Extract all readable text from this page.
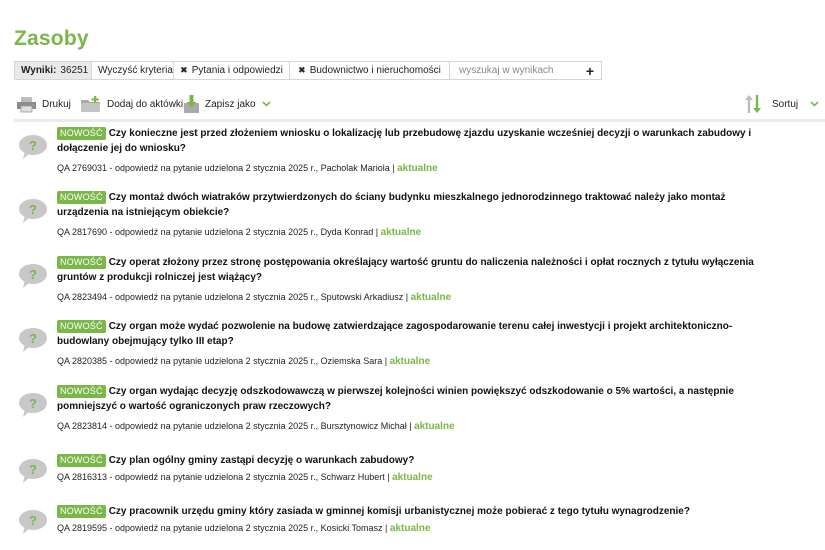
Zasoby
Wyniki: 36251 Wyczyść kryteria ✖ Pytania i odpowiedzi ✖ Budownictwo i nieruchomości
wyszukaj w wynikach	+
Drukuj	Dodaj do aktówki Zapisz jako	Sortuj
?
NOWOŚĆ Czy konieczne jest przed złożeniem wniosku o lokalizację lub przebudowę zjazdu uzyskanie wcześniej decyzji o warunkach zabudowy i dołączenie jej do wniosku?
QA 2769031 - odpowiedź na pytanie udzielona 2 stycznia 2025 r., Pacholak Mariola | aktualne
?
NOWOŚĆ Czy montaż dwóch wiatraków przytwierdzonych do ściany budynku mieszkalnego jednorodzinnego traktować należy jako montaż urządzenia na istniejącym obiekcie?
QA 2817690 - odpowiedź na pytanie udzielona 2 stycznia 2025 r., Dyda Konrad | aktualne
?
NOWOŚĆ Czy operat złożony przez stronę postępowania określający wartość gruntu do naliczenia należności i opłat rocznych z tytułu wyłączenia gruntów z produkcji rolniczej jest wiążący?
QA 2823494 - odpowiedź na pytanie udzielona 2 stycznia 2025 r., Sputowski Arkadiusz | aktualne
?
NOWOŚĆ Czy organ może wydać pozwolenie na budowę zatwierdzające zagospodarowanie terenu całej inwestycji i projekt architektoniczno-budowlany obejmujący tylko III etap?
QA 2820385 - odpowiedź na pytanie udzielona 2 stycznia 2025 r., Oziemska Sara | aktualne
?
NOWOŚĆ Czy organ wydając decyzję odszkodowawczą w pierwszej kolejności winien powiększyć odszkodowanie o 5% wartości, a następnie pomniejszyć o wartość ograniczonych praw rzeczowych?
QA 2823814 - odpowiedź na pytanie udzielona 2 stycznia 2025 r., Bursztynowicz Michał | aktualne
?
NOWOŚĆ Czy plan ogólny gminy zastąpi decyzję o warunkach zabudowy?
QA 2816313 - odpowiedź na pytanie udzielona 2 stycznia 2025 r., Schwarz Hubert | aktualne
?
NOWOŚĆ Czy pracownik urzędu gminy który zasiada w gminnej komisji urbanistycznej może pobierać z tego tytułu wynagrodzenie?
QA 2819595 - odpowiedź na pytanie udzielona 2 stycznia 2025 r., Kosicki Tomasz | aktualne
